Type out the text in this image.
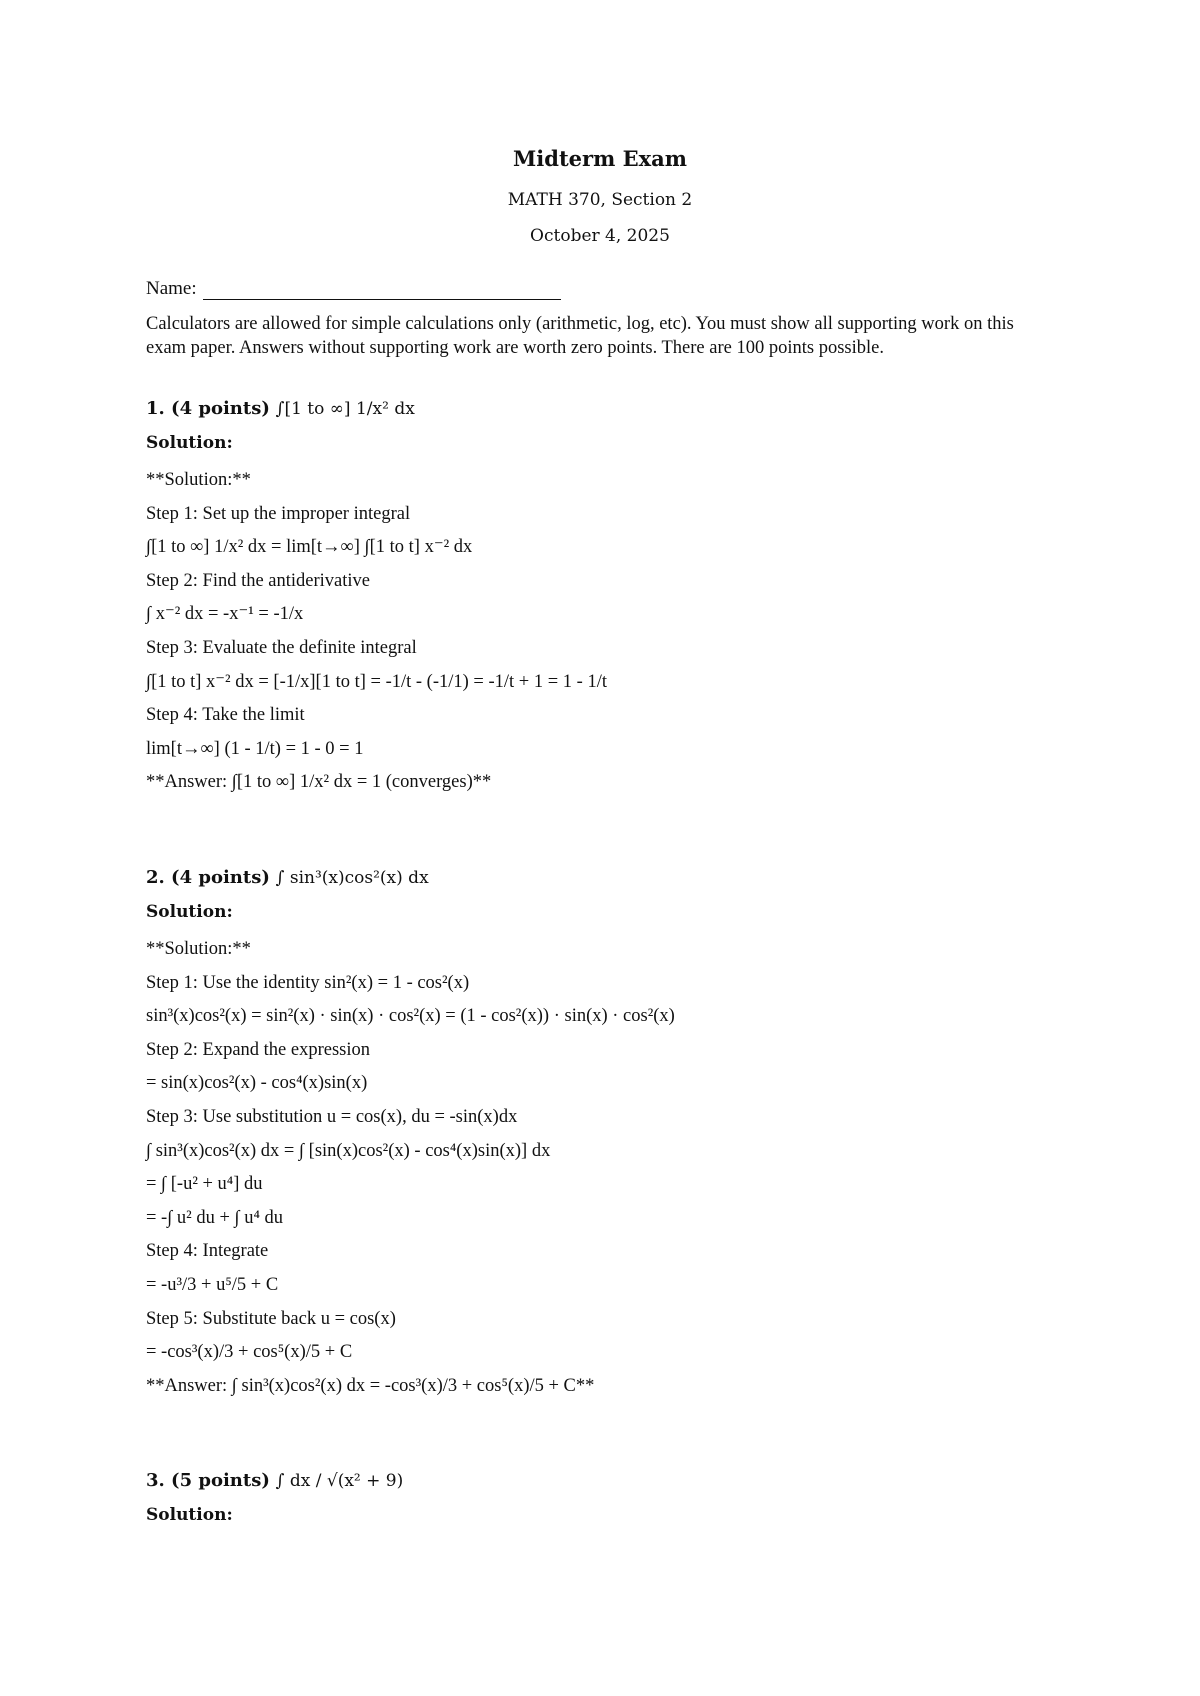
Midterm Exam
MATH 370, Section 2
October 4, 2025
Name:
Calculators are allowed for simple calculations only (arithmetic, log, etc). You must show all supporting work on this exam paper. Answers without supporting work are worth zero points. There are 100 points possible.
1. (4 points) ∫[1 to ∞] 1/x² dx
Solution:
**Solution:**
Step 1: Set up the improper integral
∫[1 to ∞] 1/x² dx = lim[t→∞] ∫[1 to t] x⁻² dx
Step 2: Find the antiderivative
∫ x⁻² dx = -x⁻¹ = -1/x
Step 3: Evaluate the definite integral
∫[1 to t] x⁻² dx = [-1/x][1 to t] = -1/t - (-1/1) = -1/t + 1 = 1 - 1/t
Step 4: Take the limit
lim[t→∞] (1 - 1/t) = 1 - 0 = 1
**Answer: ∫[1 to ∞] 1/x² dx = 1 (converges)**
2. (4 points) ∫ sin³(x)cos²(x) dx
Solution:
**Solution:**
Step 1: Use the identity sin²(x) = 1 - cos²(x)
sin³(x)cos²(x) = sin²(x) · sin(x) · cos²(x) = (1 - cos²(x)) · sin(x) · cos²(x)
Step 2: Expand the expression
= sin(x)cos²(x) - cos⁴(x)sin(x)
Step 3: Use substitution u = cos(x), du = -sin(x)dx
∫ sin³(x)cos²(x) dx = ∫ [sin(x)cos²(x) - cos⁴(x)sin(x)] dx
= ∫ [-u² + u⁴] du
= -∫ u² du + ∫ u⁴ du
Step 4: Integrate
= -u³/3 + u⁵/5 + C
Step 5: Substitute back u = cos(x)
= -cos³(x)/3 + cos⁵(x)/5 + C
**Answer: ∫ sin³(x)cos²(x) dx = -cos³(x)/3 + cos⁵(x)/5 + C**
3. (5 points) ∫ dx / √(x² + 9)
Solution:
